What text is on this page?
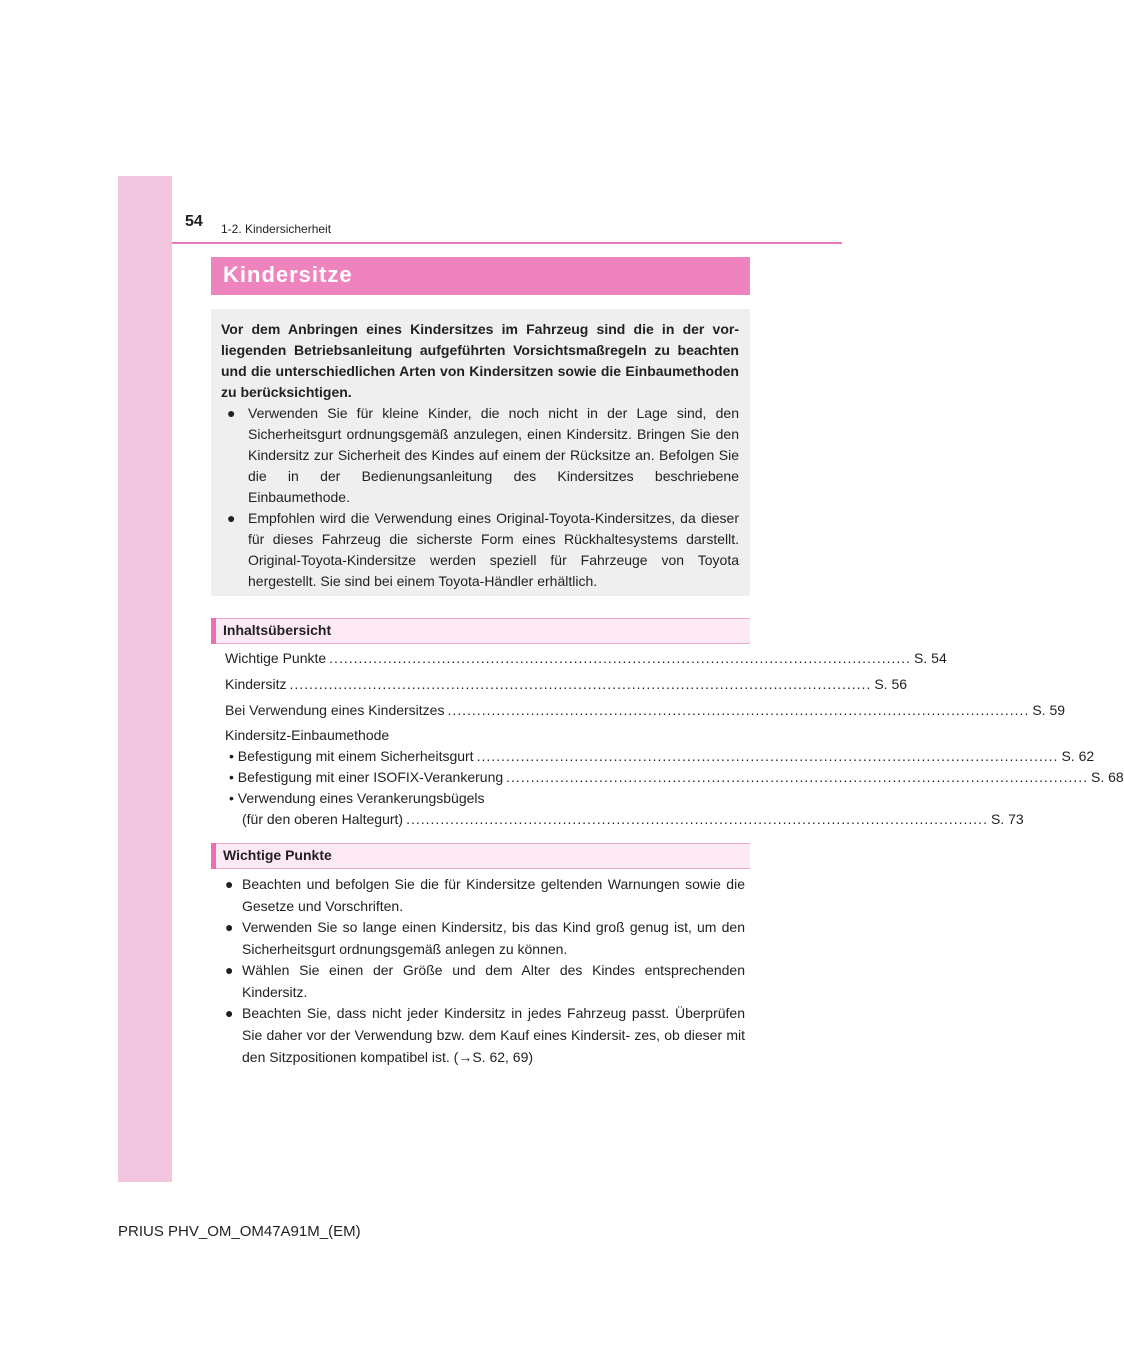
54 1-2. Kindersicherheit
Kindersitze
Vor dem Anbringen eines Kindersitzes im Fahrzeug sind die in der vor- liegenden Betriebsanleitung aufgeführten Vorsichtsmaßregeln zu beachten und die unterschiedlichen Arten von Kindersitzen sowie die Einbaumethoden zu berücksichtigen.
● Verwenden Sie für kleine Kinder, die noch nicht in der Lage sind, den Sicherheitsgurt ordnungsgemäß anzulegen, einen Kindersitz. Bringen Sie den Kindersitz zur Sicherheit des Kindes auf einem der Rücksitze an. Befolgen Sie die in der Bedienungsanleitung des Kindersitzes beschriebene Einbaumethode.
● Empfohlen wird die Verwendung eines Original-Toyota-Kindersitzes, da dieser für dieses Fahrzeug die sicherste Form eines Rückhaltesystems darstellt. Original-Toyota-Kindersitze werden speziell für Fahrzeuge von Toyota hergestellt. Sie sind bei einem Toyota-Händler erhältlich.
Inhaltsübersicht
Wichtige Punkte ....................................................................................................................... S. 54
Kindersitz ....................................................................................................................... S. 56
Bei Verwendung eines Kindersitzes ....................................................................................................................... S. 59
Kindersitz-Einbaumethode
• Befestigung mit einem Sicherheitsgurt ....................................................................................................................... S. 62
• Befestigung mit einer ISOFIX-Verankerung ....................................................................................................................... S. 68
• Verwendung eines Verankerungsbügels
(für den oberen Haltegurt) ....................................................................................................................... S. 73
Wichtige Punkte
● Beachten und befolgen Sie die für Kindersitze geltenden Warnungen sowie die Gesetze und Vorschriften.
● Verwenden Sie so lange einen Kindersitz, bis das Kind groß genug ist, um den Sicherheitsgurt ordnungsgemäß anlegen zu können.
● Wählen Sie einen der Größe und dem Alter des Kindes entsprechenden Kindersitz.
● Beachten Sie, dass nicht jeder Kindersitz in jedes Fahrzeug passt. Überprüfen Sie daher vor der Verwendung bzw. dem Kauf eines Kindersit- zes, ob dieser mit den Sitzpositionen kompatibel ist. (→S. 62, 69)
PRIUS PHV_OM_OM47A91M_(EM)
